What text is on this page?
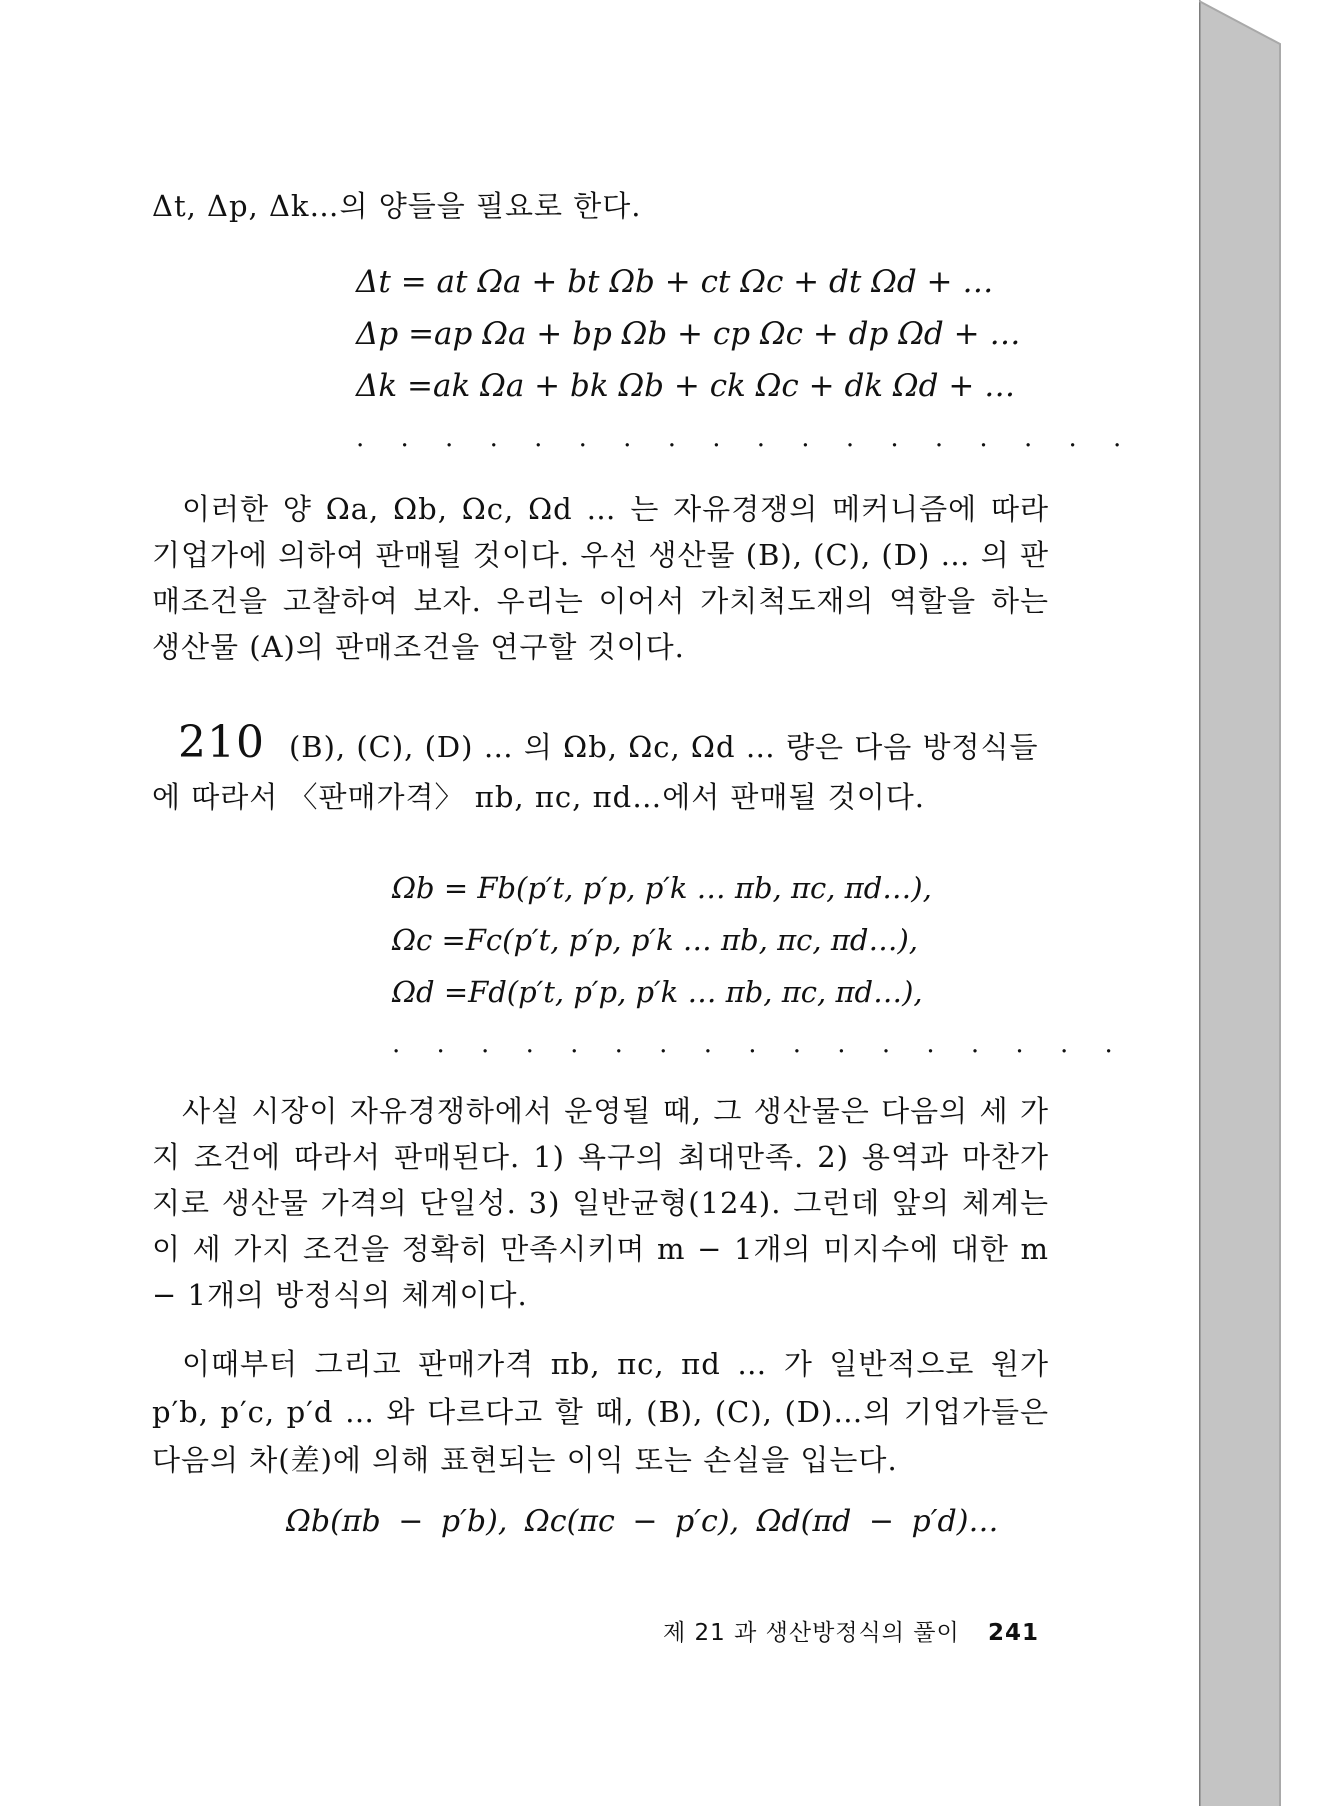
Δt, Δp, Δk…의 양들을 필요로 한다.
Δt = at Ωa + bt Ωb + ct Ωc + dt Ωd + …
Δp =ap Ωa + bp Ωb + cp Ωc + dp Ωd + …
Δk =ak Ωa + bk Ωb + ck Ωc + dk Ωd + …
. . . . . . . . . . . . . . . . . .

이러한 양 Ωa, Ωb, Ωc, Ωd … 는 자유경쟁의 메커니즘에 따라 기업가에 의하여 판매될 것이다. 우선 생산물 (B), (C), (D) … 의 판매조건을 고찰하여 보자. 우리는 이어서 가치척도재의 역할을 하는 생산물 (A)의 판매조건을 연구할 것이다.

210 (B), (C), (D) … 의 Ωb, Ωc, Ωd … 량은 다음 방정식들에 따라서 〈판매가격〉 πb, πc, πd…에서 판매될 것이다.
Ωb = Fb(p′t, p′p, p′k … πb, πc, πd…),
Ωc =Fc(p′t, p′p, p′k … πb, πc, πd…),
Ωd =Fd(p′t, p′p, p′k … πb, πc, πd…),
. . . . . . . . . . . . . . . . .

사실 시장이 자유경쟁하에서 운영될 때, 그 생산물은 다음의 세 가지 조건에 따라서 판매된다. 1) 욕구의 최대만족. 2) 용역과 마찬가지로 생산물 가격의 단일성. 3) 일반균형(124). 그런데 앞의 체계는 이 세 가지 조건을 정확히 만족시키며 m − 1개의 미지수에 대한 m − 1개의 방정식의 체계이다.

이때부터 그리고 판매가격 πb, πc, πd … 가 일반적으로 원가 p′b, p′c, p′d … 와 다르다고 할 때, (B), (C), (D)…의 기업가들은 다음의 차(差)에 의해 표현되는 이익 또는 손실을 입는다.

Ωb(πb − p′b), Ωc(πc − p′c), Ωd(πd − p′d)…
제 21 과 생산방정식의 풀이 241
